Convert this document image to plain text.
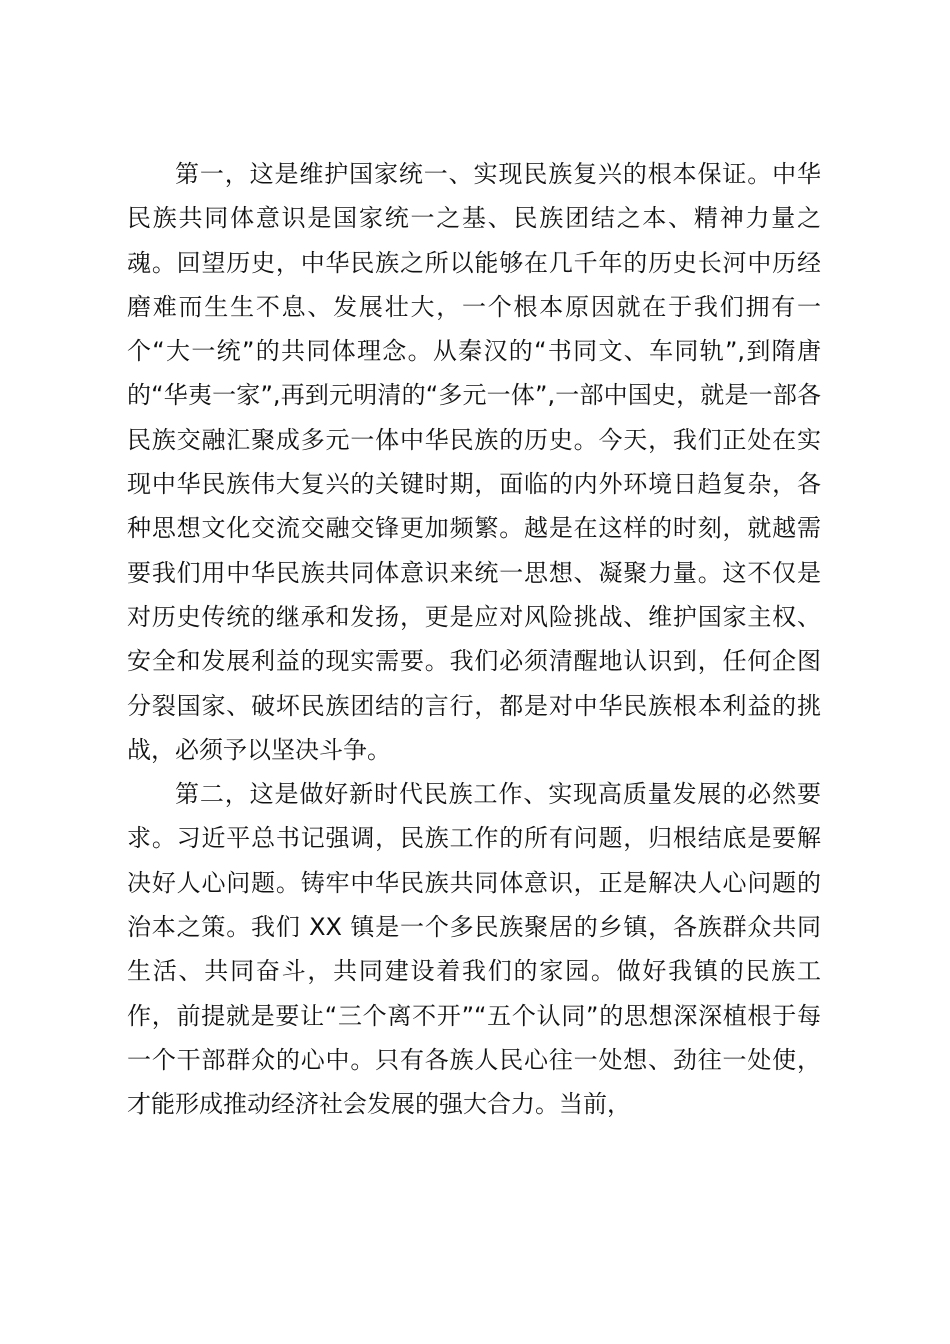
第一，这是维护国家统一、实现民族复兴的根本保证。中华民族共同体意识是国家统一之基、民族团结之本、精神力量之魂。回望历史，中华民族之所以能够在几千年的历史长河中历经磨难而生生不息、发展壮大，一个根本原因就在于我们拥有一个“大一统”的共同体理念。从秦汉的“书同文、车同轨”,到隋唐的“华夷一家”,再到元明清的“多元一体”,一部中国史，就是一部各民族交融汇聚成多元一体中华民族的历史。今天，我们正处在实现中华民族伟大复兴的关键时期，面临的内外环境日趋复杂，各种思想文化交流交融交锋更加频繁。越是在这样的时刻，就越需要我们用中华民族共同体意识来统一思想、凝聚力量。这不仅是对历史传统的继承和发扬，更是应对风险挑战、维护国家主权、安全和发展利益的现实需要。我们必须清醒地认识到，任何企图分裂国家、破坏民族团结的言行，都是对中华民族根本利益的挑战，必须予以坚决斗争。

第二，这是做好新时代民族工作、实现高质量发展的必然要求。习近平总书记强调，民族工作的所有问题，归根结底是要解决好人心问题。铸牢中华民族共同体意识，正是解决人心问题的治本之策。我们 XX 镇是一个多民族聚居的乡镇，各族群众共同生活、共同奋斗，共同建设着我们的家园。做好我镇的民族工作，前提就是要让“三个离不开”“五个认同”的思想深深植根于每一个干部群众的心中。只有各族人民心往一处想、劲往一处使，才能形成推动经济社会发展的强大合力。当前，
